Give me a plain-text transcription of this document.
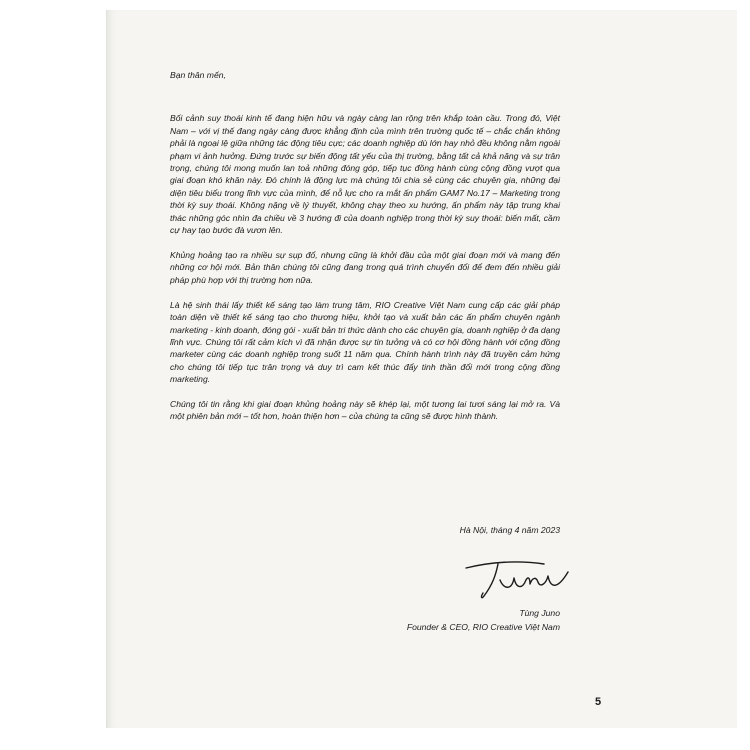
Bạn thân mến,

Bối cảnh suy thoái kinh tế đang hiện hữu và ngày càng lan rộng trên khắp toàn cầu. Trong đó, Việt Nam – với vị thế đang ngày càng được khẳng định của mình trên trường quốc tế – chắc chắn không phải là ngoại lệ giữa những tác động tiêu cực; các doanh nghiệp dù lớn hay nhỏ đều không nằm ngoài phạm vi ảnh hưởng. Đứng trước sự biến động tất yếu của thị trường, bằng tất cả khả năng và sự trân trọng, chúng tôi mong muốn lan toả những đóng góp, tiếp tục đồng hành cùng cộng đồng vượt qua giai đoạn khó khăn này. Đó chính là động lực mà chúng tôi chia sẻ cùng các chuyên gia, những đại diện tiêu biểu trong lĩnh vực của mình, để nỗ lực cho ra mắt ấn phẩm GAM7 No.17 – Marketing trong thời kỳ suy thoái. Không nặng về lý thuyết, không chạy theo xu hướng, ấn phẩm này tập trung khai thác những góc nhìn đa chiều về 3 hướng đi của doanh nghiệp trong thời kỳ suy thoái: biến mất, cầm cự hay tạo bước đà vươn lên.

Khủng hoảng tạo ra nhiều sự sụp đổ, nhưng cũng là khởi đầu của một giai đoạn mới và mang đến những cơ hội mới. Bản thân chúng tôi cũng đang trong quá trình chuyển đổi để đem đến nhiều giải pháp phù hợp với thị trường hơn nữa.

Là hệ sinh thái lấy thiết kế sáng tạo làm trung tâm, RIO Creative Việt Nam cung cấp các giải pháp toàn diện về thiết kế sáng tạo cho thương hiệu, khởi tạo và xuất bản các ấn phẩm chuyên ngành marketing - kinh doanh, đóng gói - xuất bản tri thức dành cho các chuyên gia, doanh nghiệp ở đa dạng lĩnh vực. Chúng tôi rất cảm kích vì đã nhận được sự tin tưởng và có cơ hội đồng hành với cộng đồng marketer cùng các doanh nghiệp trong suốt 11 năm qua. Chính hành trình này đã truyền cảm hứng cho chúng tôi tiếp tục trân trọng và duy trì cam kết thúc đẩy tinh thần đổi mới trong cộng đồng marketing.

Chúng tôi tin rằng khi giai đoạn khủng hoảng này sẽ khép lại, một tương lai tươi sáng lại mở ra. Và một phiên bản mới – tốt hơn, hoàn thiện hơn – của chúng ta cũng sẽ được hình thành.

Hà Nội, tháng 4 năm 2023
Tùng Juno
Founder & CEO, RIO Creative Việt Nam
5
